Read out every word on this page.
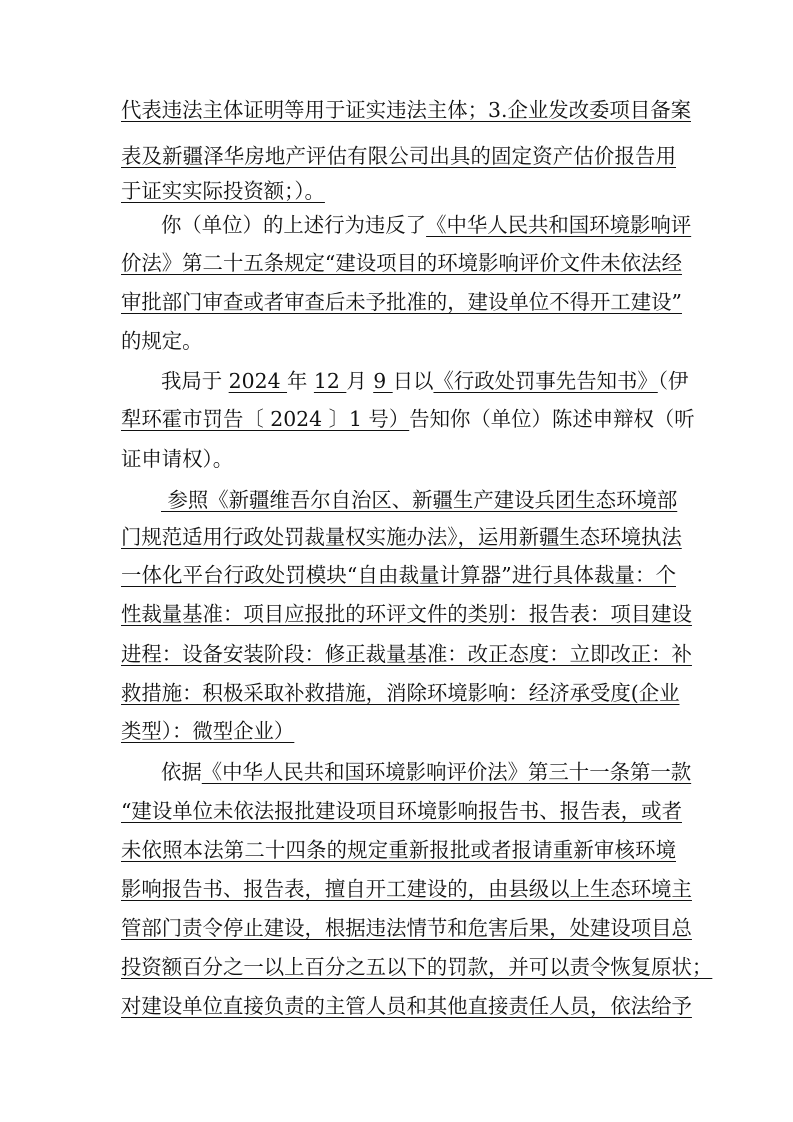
代表违法主体证明等用于证实违法主体；3.企业发改委项目备案
表及新疆泽华房地产评估有限公司出具的固定资产估价报告用
于证实实际投资额；）。
你（单位）的上述行为违反了《中华人民共和国环境影响评
价法》第二十五条规定“建设项目的环境影响评价文件未依法经
审批部门审查或者审查后未予批准的，建设单位不得开工建设”
的规定。
我局于 2024 年 12 月 9 日以《行政处罚事先告知书》（伊
犁环霍市罚告〔 2024 〕1 号）告知你（单位）陈述申辩权（听
证申请权）。
参照《新疆维吾尔自治区、新疆生产建设兵团生态环境部
门规范适用行政处罚裁量权实施办法》，运用新疆生态环境执法
一体化平台行政处罚模块“自由裁量计算器”进行具体裁量：个
性裁量基准：项目应报批的环评文件的类别：报告表：项目建设
进程：设备安装阶段：修正裁量基准：改正态度：立即改正：补
救措施：积极采取补救措施，消除环境影响：经济承受度(企业
类型）：微型企业）
依据《中华人民共和国环境影响评价法》第三十一条第一款
“建设单位未依法报批建设项目环境影响报告书、报告表，或者
未依照本法第二十四条的规定重新报批或者报请重新审核环境
影响报告书、报告表，擅自开工建设的，由县级以上生态环境主
管部门责令停止建设，根据违法情节和危害后果，处建设项目总
投资额百分之一以上百分之五以下的罚款，并可以责令恢复原状；
对建设单位直接负责的主管人员和其他直接责任人员，依法给予
